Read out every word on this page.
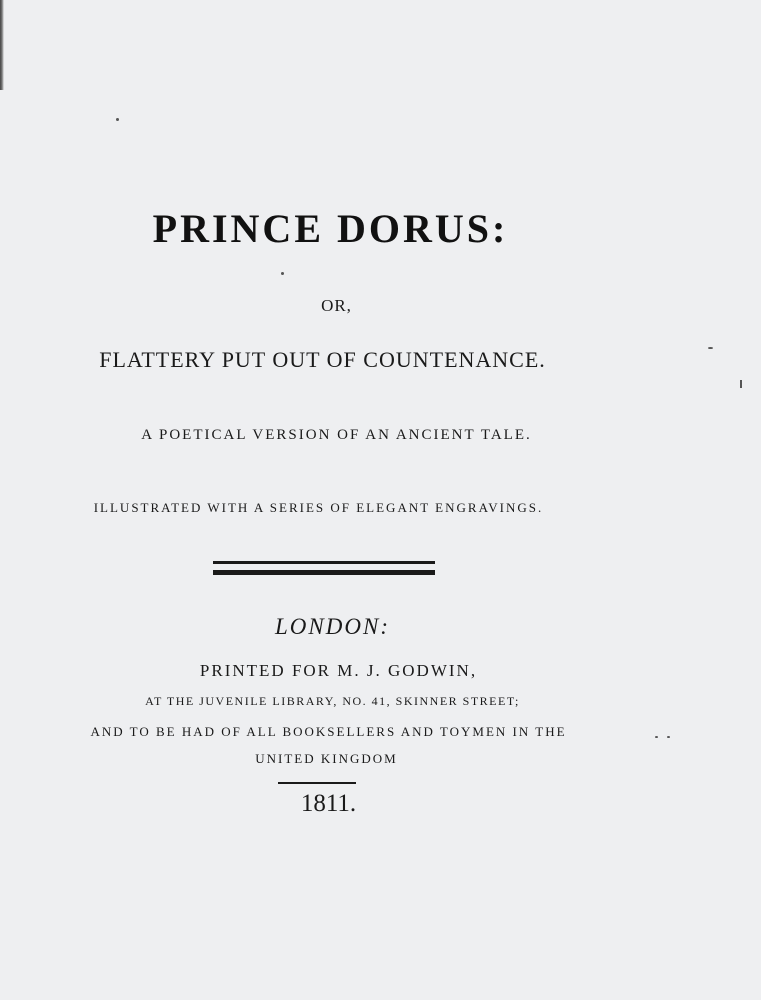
PRINCE DORUS:
OR,
FLATTERY PUT OUT OF COUNTENANCE.
A POETICAL VERSION OF AN ANCIENT TALE.
ILLUSTRATED WITH A SERIES OF ELEGANT ENGRAVINGS.
LONDON:
PRINTED FOR M. J. GODWIN,
AT THE JUVENILE LIBRARY, NO. 41, SKINNER STREET;
AND TO BE HAD OF ALL BOOKSELLERS AND TOYMEN IN THE
UNITED KINGDOM
1811.
